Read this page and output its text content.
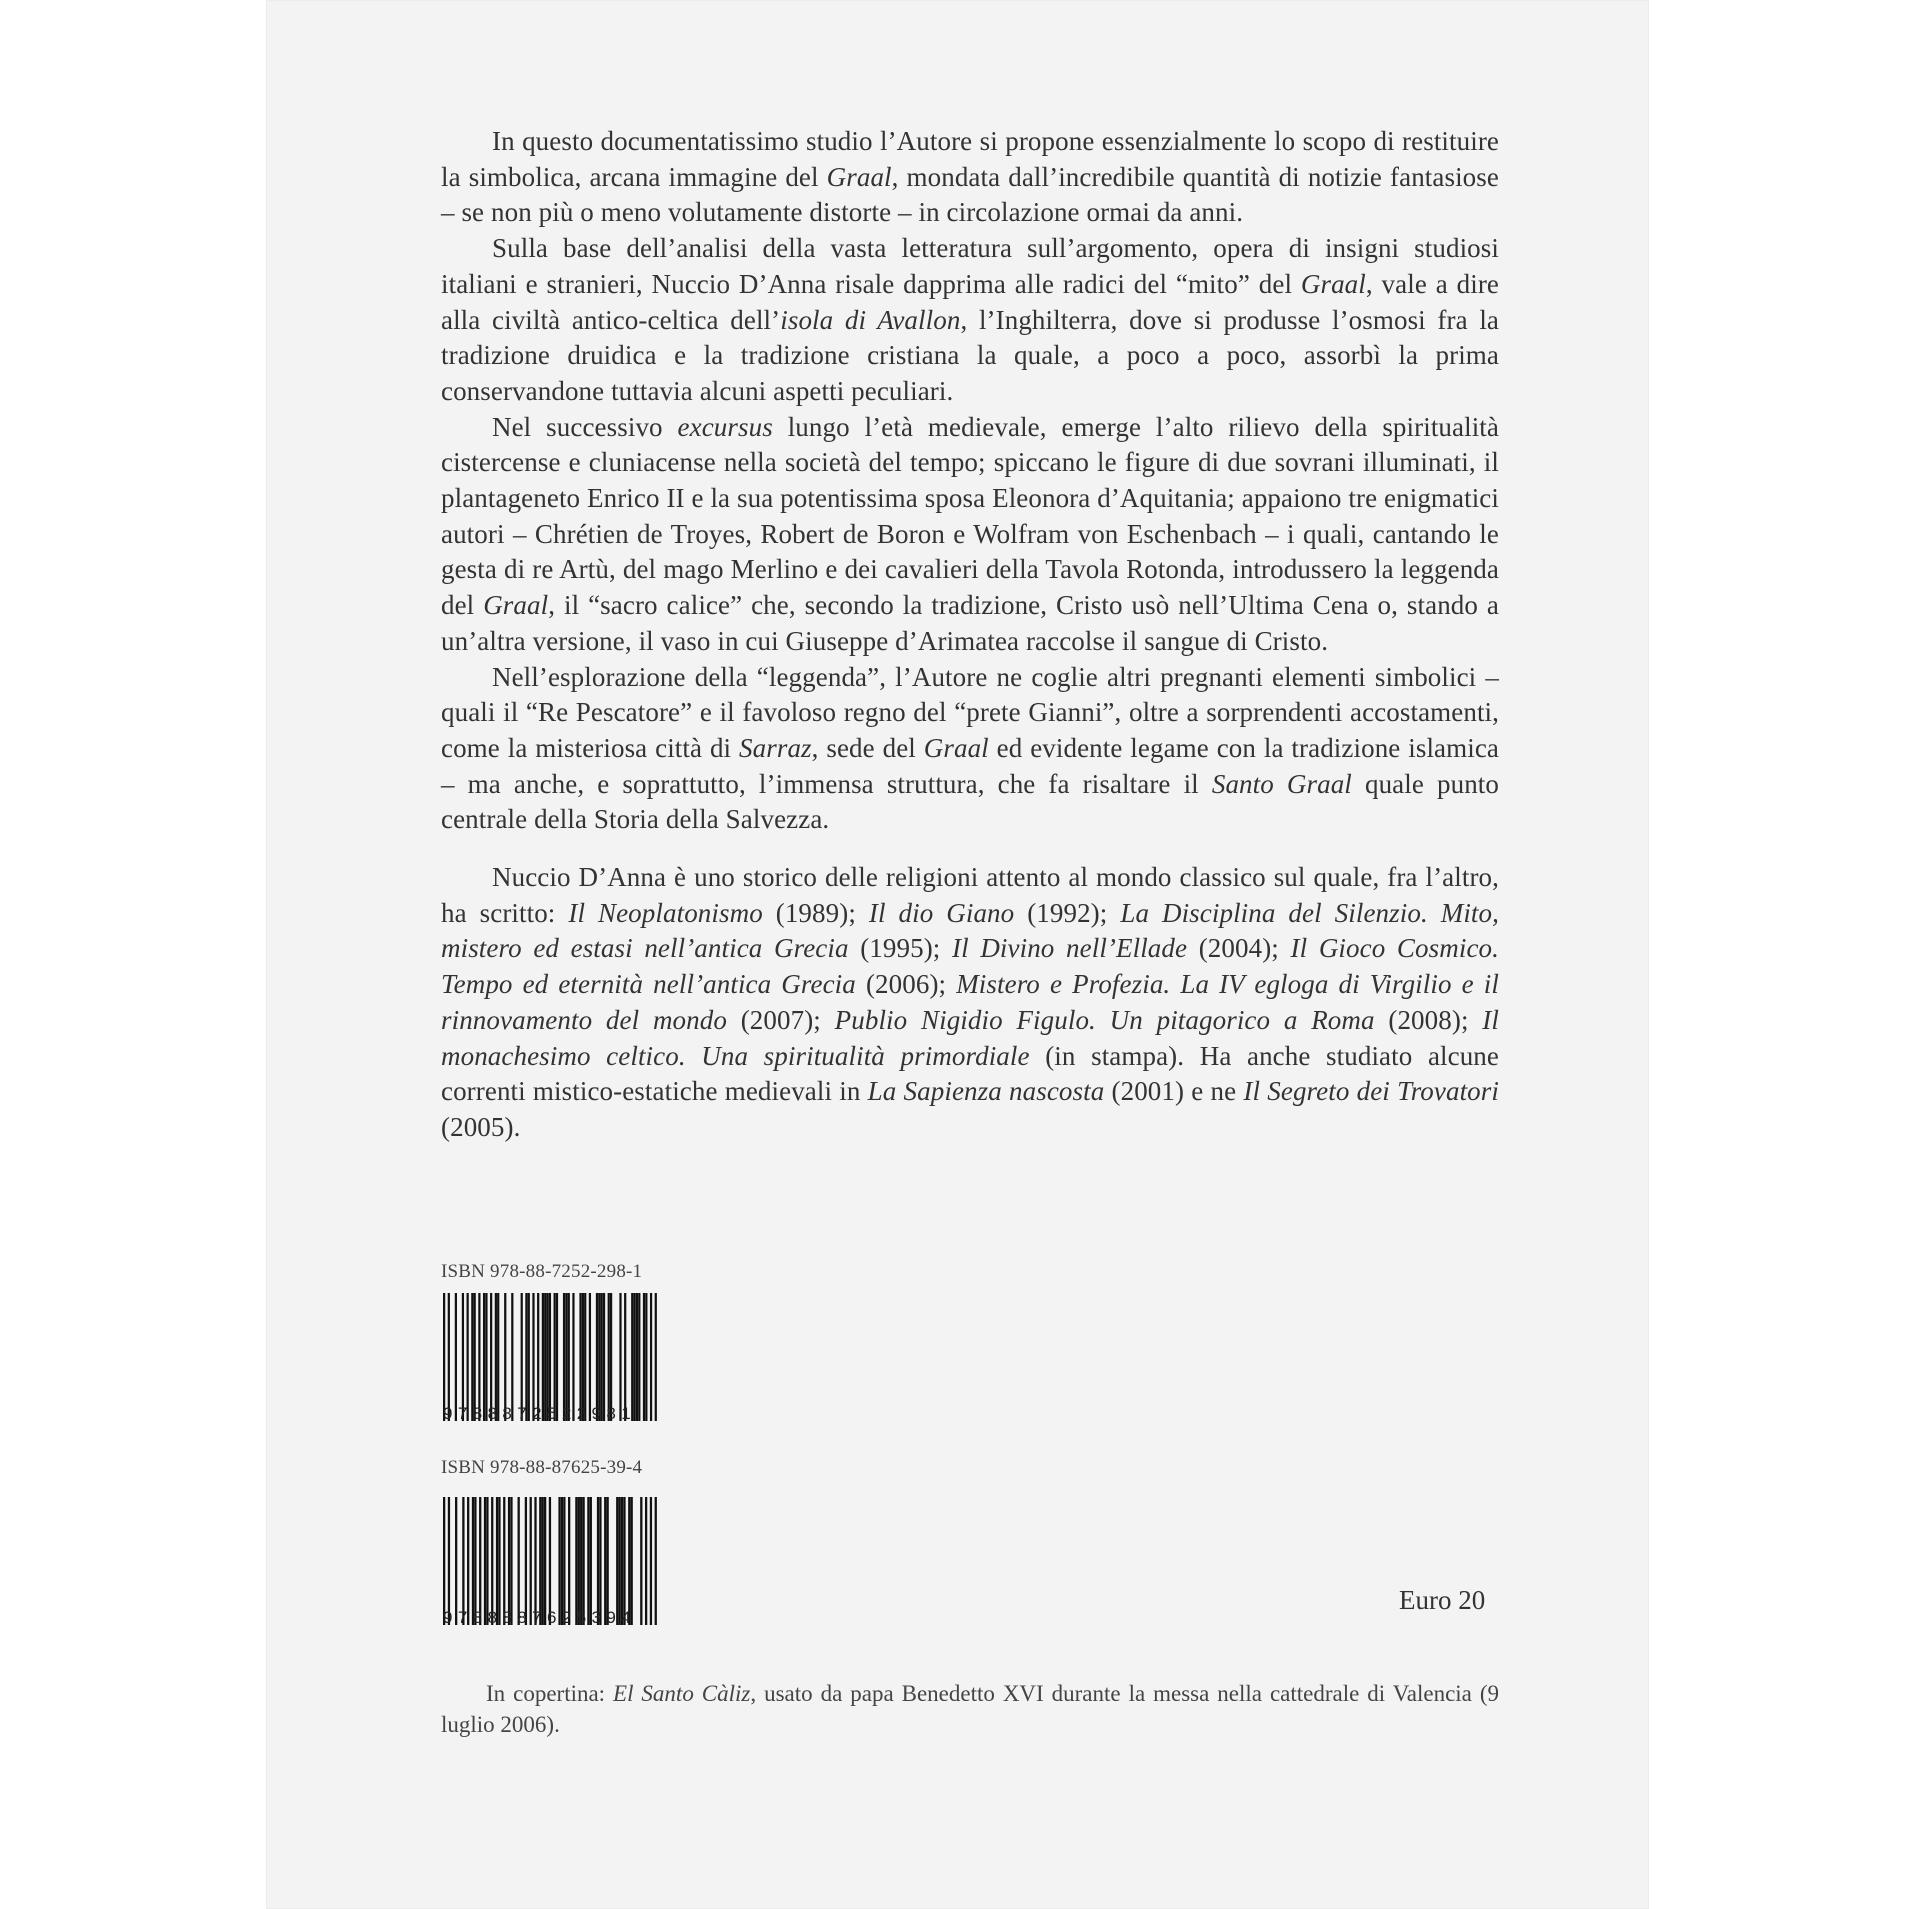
In questo documentatissimo studio l’Autore si propone essenzialmente lo scopo di restituire la simbolica, arcana immagine del Graal, mondata dall’incredibile quantità di notizie fantasiose – se non più o meno volutamente distorte – in circolazione ormai da anni.

Sulla base dell’analisi della vasta letteratura sull’argomento, opera di insigni studiosi italiani e stranieri, Nuccio D’Anna risale dapprima alle radici del “mito” del Graal, vale a dire alla civiltà antico-celtica dell’isola di Avallon, l’Inghilterra, dove si produsse l’osmosi fra la tradizione druidica e la tradizione cristiana la quale, a poco a poco, assorbì la prima conservandone tuttavia alcuni aspetti peculiari.

Nel successivo excursus lungo l’età medievale, emerge l’alto rilievo della spiritualità cistercense e cluniacense nella società del tempo; spiccano le figure di due sovrani illuminati, il plantageneto Enrico II e la sua potentissima sposa Eleonora d’Aquitania; appaiono tre enigmatici autori – Chrétien de Troyes, Robert de Boron e Wolfram von Eschenbach – i quali, cantando le gesta di re Artù, del mago Merlino e dei cavalieri della Tavola Rotonda, introdussero la leggenda del Graal, il “sacro calice” che, secondo la tradizione, Cristo usò nell’Ultima Cena o, stando a un’altra versione, il vaso in cui Giuseppe d’Arimatea raccolse il sangue di Cristo.

Nell’esplorazione della “leggenda”, l’Autore ne coglie altri pregnanti elementi simbolici – quali il “Re Pescatore” e il favoloso regno del “prete Gianni”, oltre a sorprendenti accostamenti, come la misteriosa città di Sarraz, sede del Graal ed evidente legame con la tradizione islamica – ma anche, e soprattutto, l’immensa struttura, che fa risaltare il Santo Graal quale punto centrale della Storia della Salvezza.

Nuccio D’Anna è uno storico delle religioni attento al mondo classico sul quale, fra l’altro, ha scritto: Il Neoplatonismo (1989); Il dio Giano (1992); La Disciplina del Silenzio. Mito, mistero ed estasi nell’antica Grecia (1995); Il Divino nell’Ellade (2004); Il Gioco Cosmico. Tempo ed eternità nell’antica Grecia (2006); Mistero e Profezia. La IV egloga di Virgilio e il rinnovamento del mondo (2007); Publio Nigidio Figulo. Un pitagorico a Roma (2008); Il monachesimo celtico. Una spiritualità primordiale (in stampa). Ha anche studiato alcune correnti mistico-estatiche medievali in La Sapienza nascosta (2001) e ne Il Segreto dei Trovatori (2005).

ISBN 978-88-7252-298-1
9788872522981
ISBN 978-88-87625-39-4
9788887625394
Euro 20

In copertina: El Santo Càliz, usato da papa Benedetto XVI durante la messa nella cattedrale di Valencia (9 luglio 2006).
